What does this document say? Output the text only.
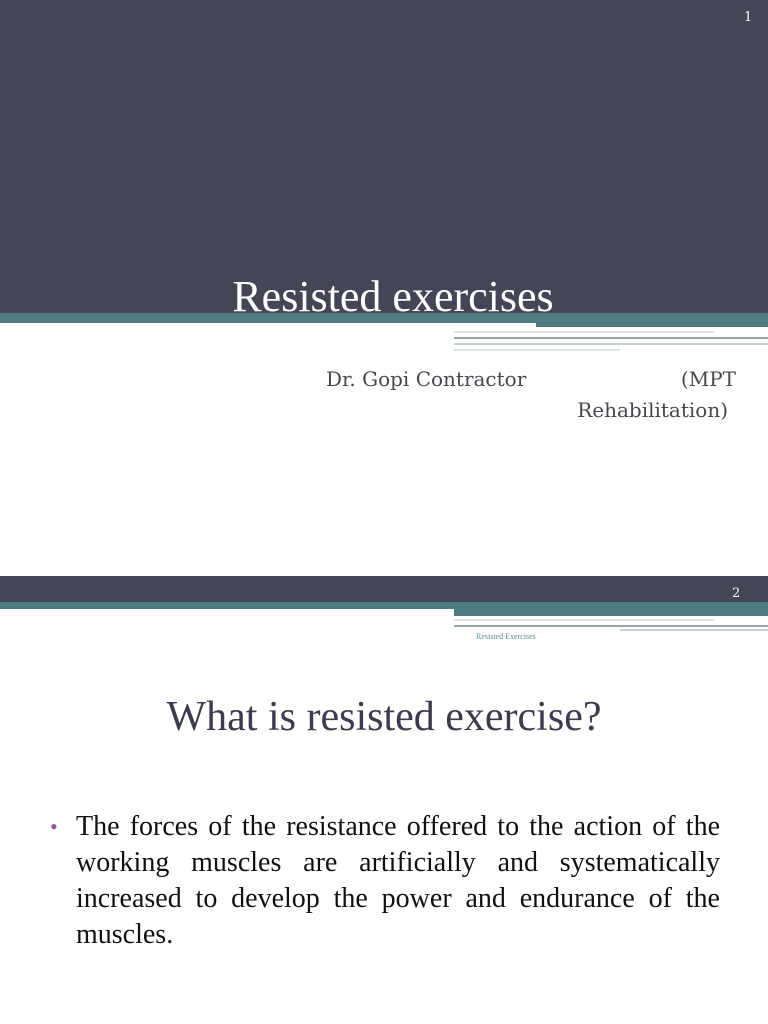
1
Resisted exercises
Dr. Gopi Contractor	(MPT
Rehabilitation)
2
Resisted Exercises
What is resisted exercise?
• The forces of the resistance offered to the action of the working muscles are artificially and systematically increased to develop the power and endurance of the muscles.
